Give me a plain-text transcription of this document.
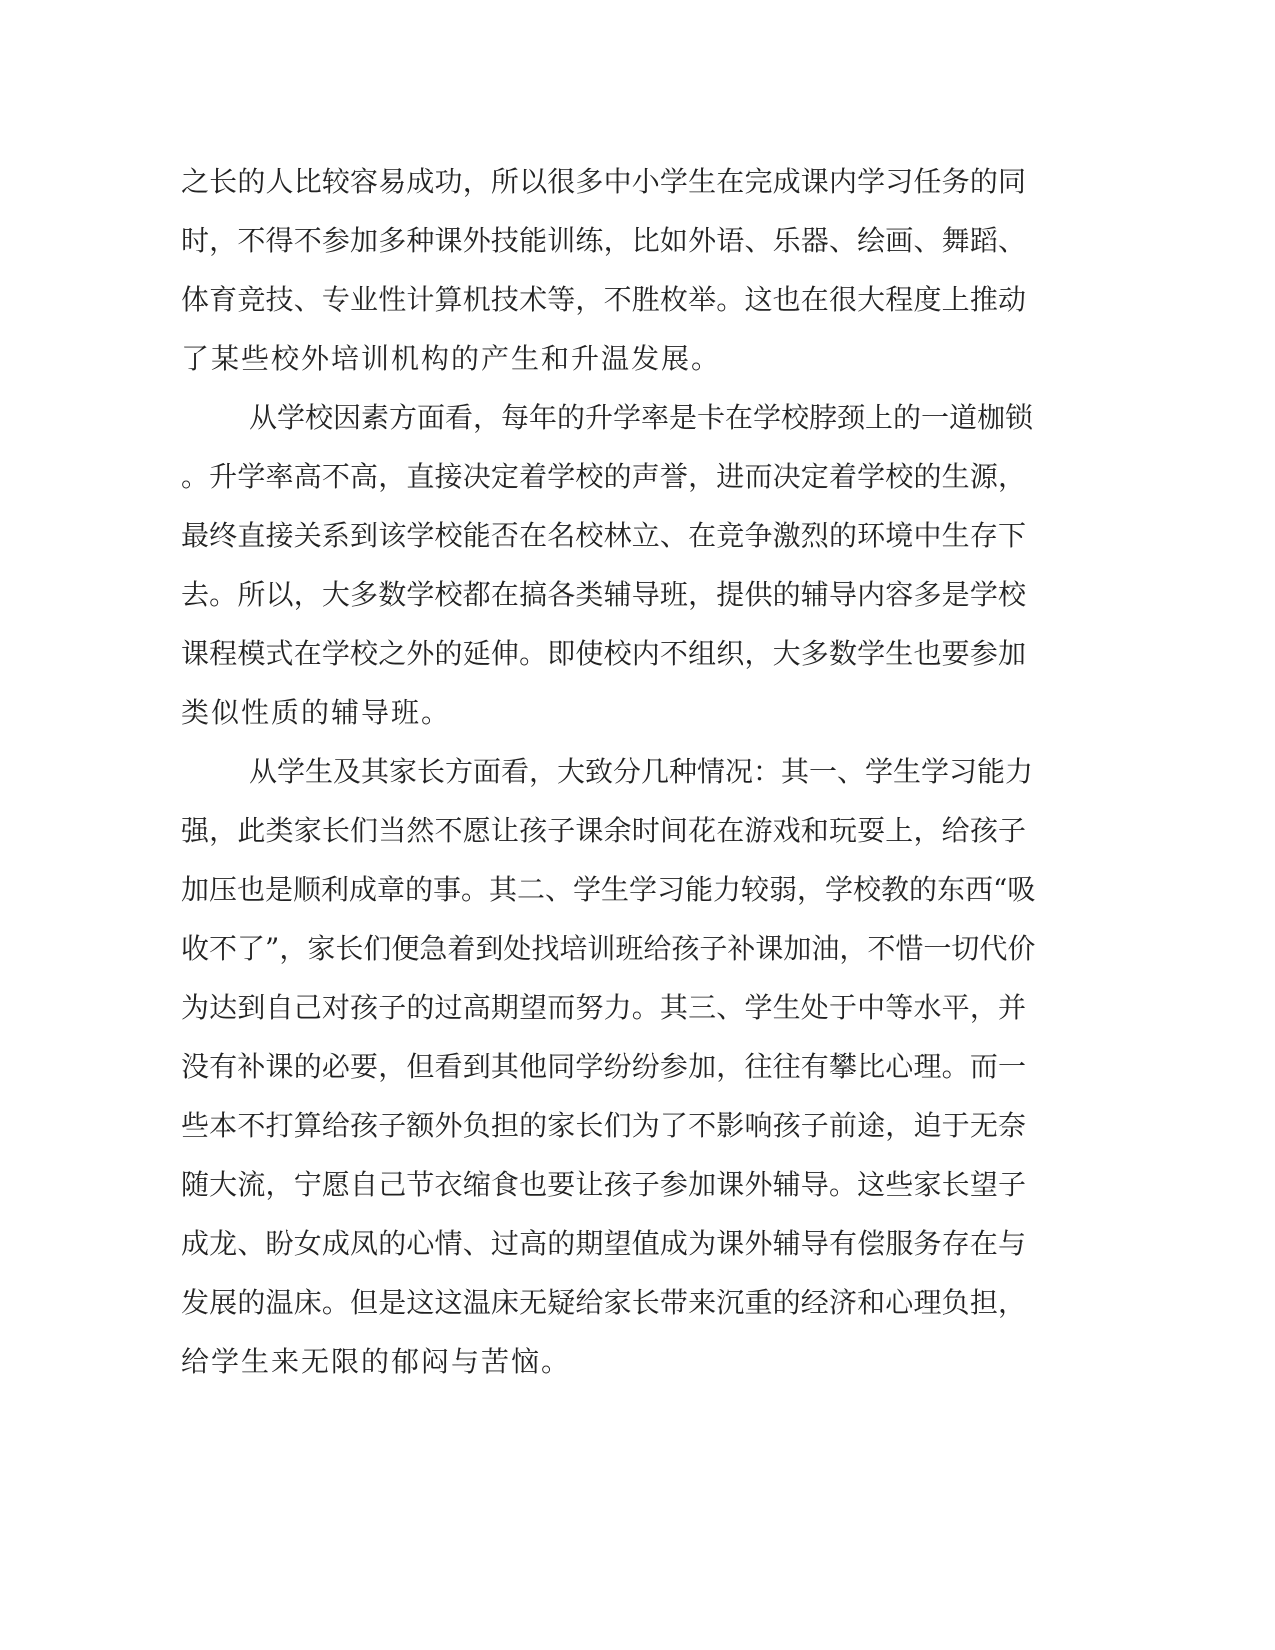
之长的人比较容易成功，所以很多中小学生在完成课内学习任务的同
时，不得不参加多种课外技能训练，比如外语、乐器、绘画、舞蹈、
体育竞技、专业性计算机技术等，不胜枚举。这也在很大程度上推动
了某些校外培训机构的产生和升温发展。
从学校因素方面看，每年的升学率是卡在学校脖颈上的一道枷锁
。升学率高不高，直接决定着学校的声誉，进而决定着学校的生源，
最终直接关系到该学校能否在名校林立、在竞争激烈的环境中生存下
去。所以，大多数学校都在搞各类辅导班，提供的辅导内容多是学校
课程模式在学校之外的延伸。即使校内不组织，大多数学生也要参加
类似性质的辅导班。
从学生及其家长方面看，大致分几种情况：其一、学生学习能力
强，此类家长们当然不愿让孩子课余时间花在游戏和玩耍上，给孩子
加压也是顺利成章的事。其二、学生学习能力较弱，学校教的东西“吸
收不了”，家长们便急着到处找培训班给孩子补课加油，不惜一切代价
为达到自己对孩子的过高期望而努力。其三、学生处于中等水平，并
没有补课的必要，但看到其他同学纷纷参加，往往有攀比心理。而一
些本不打算给孩子额外负担的家长们为了不影响孩子前途，迫于无奈
随大流，宁愿自己节衣缩食也要让孩子参加课外辅导。这些家长望子
成龙、盼女成凤的心情、过高的期望值成为课外辅导有偿服务存在与
发展的温床。但是这这温床无疑给家长带来沉重的经济和心理负担，
给学生来无限的郁闷与苦恼。
